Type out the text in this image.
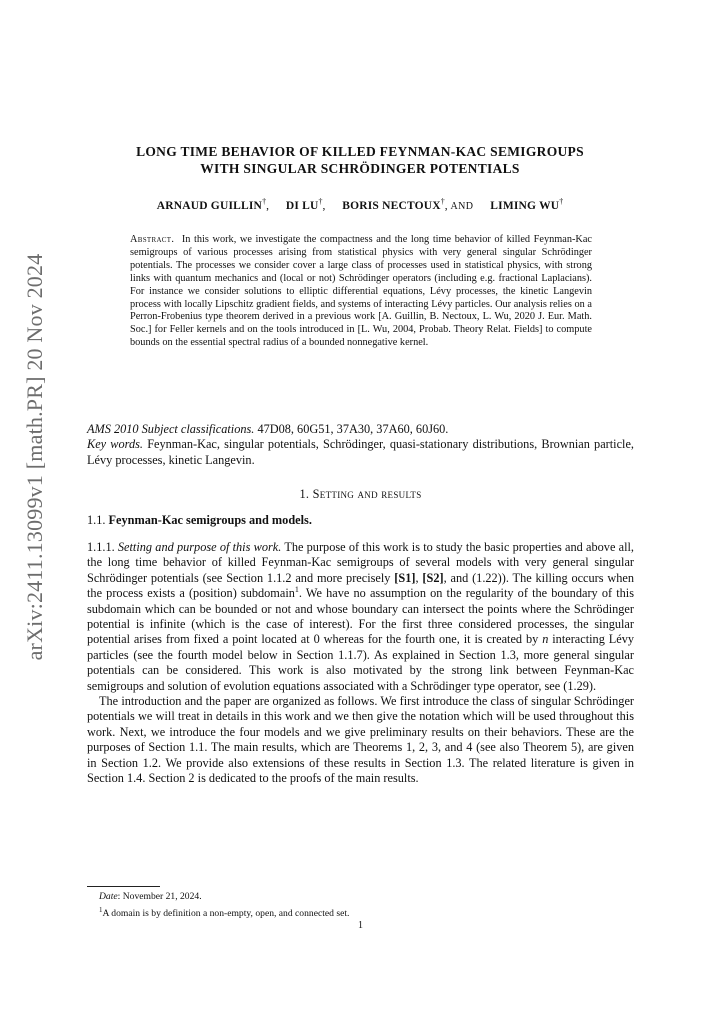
arXiv:2411.13099v1 [math.PR] 20 Nov 2024
LONG TIME BEHAVIOR OF KILLED FEYNMAN-KAC SEMIGROUPS
WITH SINGULAR SCHRÖDINGER POTENTIALS
ARNAUD GUILLIN†, DI LU†, BORIS NECTOUX†, AND LIMING WU†
Abstract. In this work, we investigate the compactness and the long time behavior of killed Feynman-Kac semigroups of various processes arising from statistical physics with very general singular Schrödinger potentials. The processes we consider cover a large class of processes used in statistical physics, with strong links with quantum mechanics and (local or not) Schrödinger operators (including e.g. fractional Laplacians). For instance we consider solutions to elliptic differential equations, Lévy processes, the kinetic Langevin process with locally Lipschitz gradient fields, and systems of interacting Lévy particles. Our analysis relies on a Perron-Frobenius type theorem derived in a previous work [A. Guillin, B. Nectoux, L. Wu, 2020 J. Eur. Math. Soc.] for Feller kernels and on the tools introduced in [L. Wu, 2004, Probab. Theory Relat. Fields] to compute bounds on the essential spectral radius of a bounded nonnegative kernel.

AMS 2010 Subject classifications. 47D08, 60G51, 37A30, 37A60, 60J60.

Key words. Feynman-Kac, singular potentials, Schrödinger, quasi-stationary distributions, Brownian particle, Lévy processes, kinetic Langevin.

1. Setting and results
1.1. Feynman-Kac semigroups and models.

1.1.1. Setting and purpose of this work. The purpose of this work is to study the basic properties and above all, the long time behavior of killed Feynman-Kac semigroups of several models with very general singular Schrödinger potentials (see Section 1.1.2 and more precisely [S1], [S2], and (1.22)). The killing occurs when the process exists a (position) subdomain$^1$. We have no assumption on the regularity of the boundary of this subdomain which can be bounded or not and whose boundary can intersect the points where the Schrödinger potential is infinite (which is the case of interest). For the first three considered processes, the singular potential arises from fixed a point located at 0 whereas for the fourth one, it is created by n interacting Lévy particles (see the fourth model below in Section 1.1.7). As explained in Section 1.3, more general singular potentials can be considered. This work is also motivated by the strong link between Feynman-Kac semigroups and solution of evolution equations associated with a Schrödinger type operator, see (1.29).

The introduction and the paper are organized as follows. We first introduce the class of singular Schrödinger potentials we will treat in details in this work and we then give the notation which will be used throughout this work. Next, we introduce the four models and we give preliminary results on their behaviors. These are the purposes of Section 1.1. The main results, which are Theorems 1, 2, 3, and 4 (see also Theorem 5), are given in Section 1.2. We provide also extensions of these results in Section 1.3. The related literature is given in Section 1.4. Section 2 is dedicated to the proofs of the main results.

Date: November 21, 2024.

$^1$A domain is by definition a non-empty, open, and connected set.

1
